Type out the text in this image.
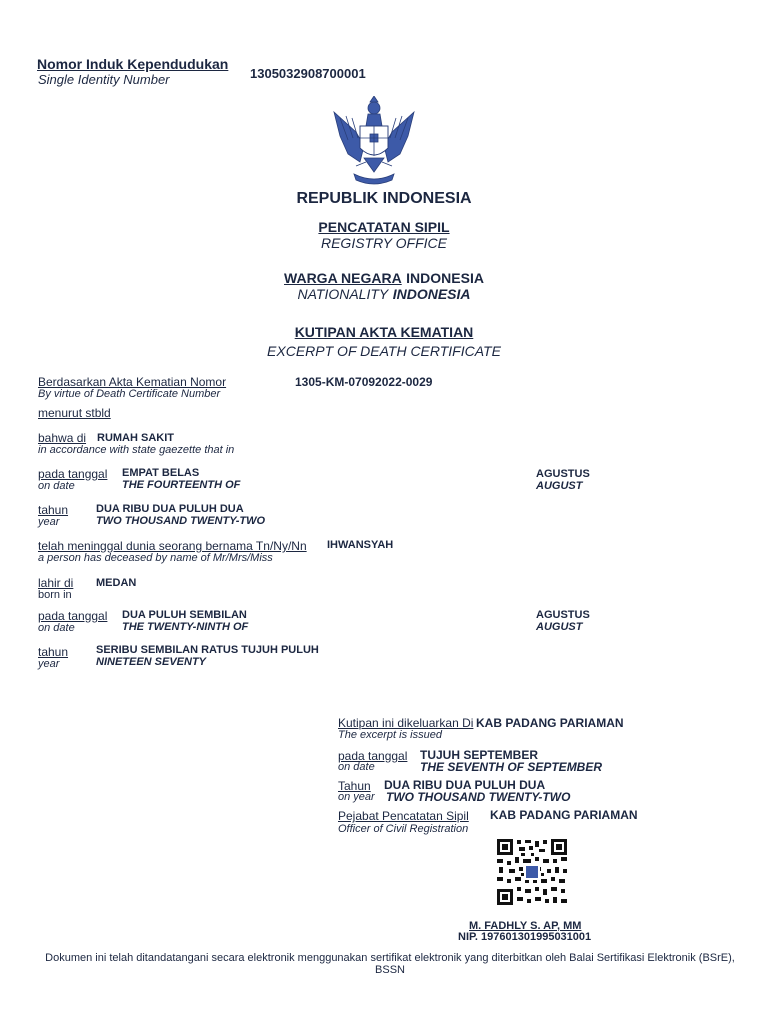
Nomor Induk Kependudukan
Single Identity Number	1305032908700001
REPUBLIK INDONESIA
PENCATATAN SIPIL
REGISTRY OFFICE
WARGA NEGARA INDONESIA
NATIONALITY INDONESIA
KUTIPAN AKTA KEMATIAN
EXCERPT OF DEATH CERTIFICATE
Berdasarkan Akta Kematian Nomor
By virtue of Death Certificate Number
1305-KM-07092022-0029
menurut stbld
bahwa di RUMAH SAKIT
in accordance with state gaezette that in
pada tanggal
on date
EMPAT BELAS
THE FOURTEENTH OF
AGUSTUS
AUGUST
tahun
year
DUA RIBU DUA PULUH DUA
TWO THOUSAND TWENTY-TWO
telah meninggal dunia seorang bernama Tn/Ny/Nn IHWANSYAH
a person has deceased by name of Mr/Mrs/Miss
lahir di
born in
MEDAN
pada tanggal
on date
DUA PULUH SEMBILAN
THE TWENTY-NINTH OF
AGUSTUS
AUGUST
tahun
year
SERIBU SEMBILAN RATUS TUJUH PULUH
NINETEEN SEVENTY
Kutipan ini dikeluarkan Di KAB PADANG PARIAMAN
The excerpt is issued
pada tanggal
on date
TUJUH SEPTEMBER
THE SEVENTH OF SEPTEMBER
Tahun
on year
DUA RIBU DUA PULUH DUA
TWO THOUSAND TWENTY-TWO
Pejabat Pencatatan Sipil KAB PADANG PARIAMAN
Officer of Civil Registration
M. FADHLY S. AP, MM
NIP. 197601301995031001
Dokumen ini telah ditandatangani secara elektronik menggunakan sertifikat elektronik yang diterbitkan oleh Balai Sertifikasi Elektronik (BSrE), BSSN
